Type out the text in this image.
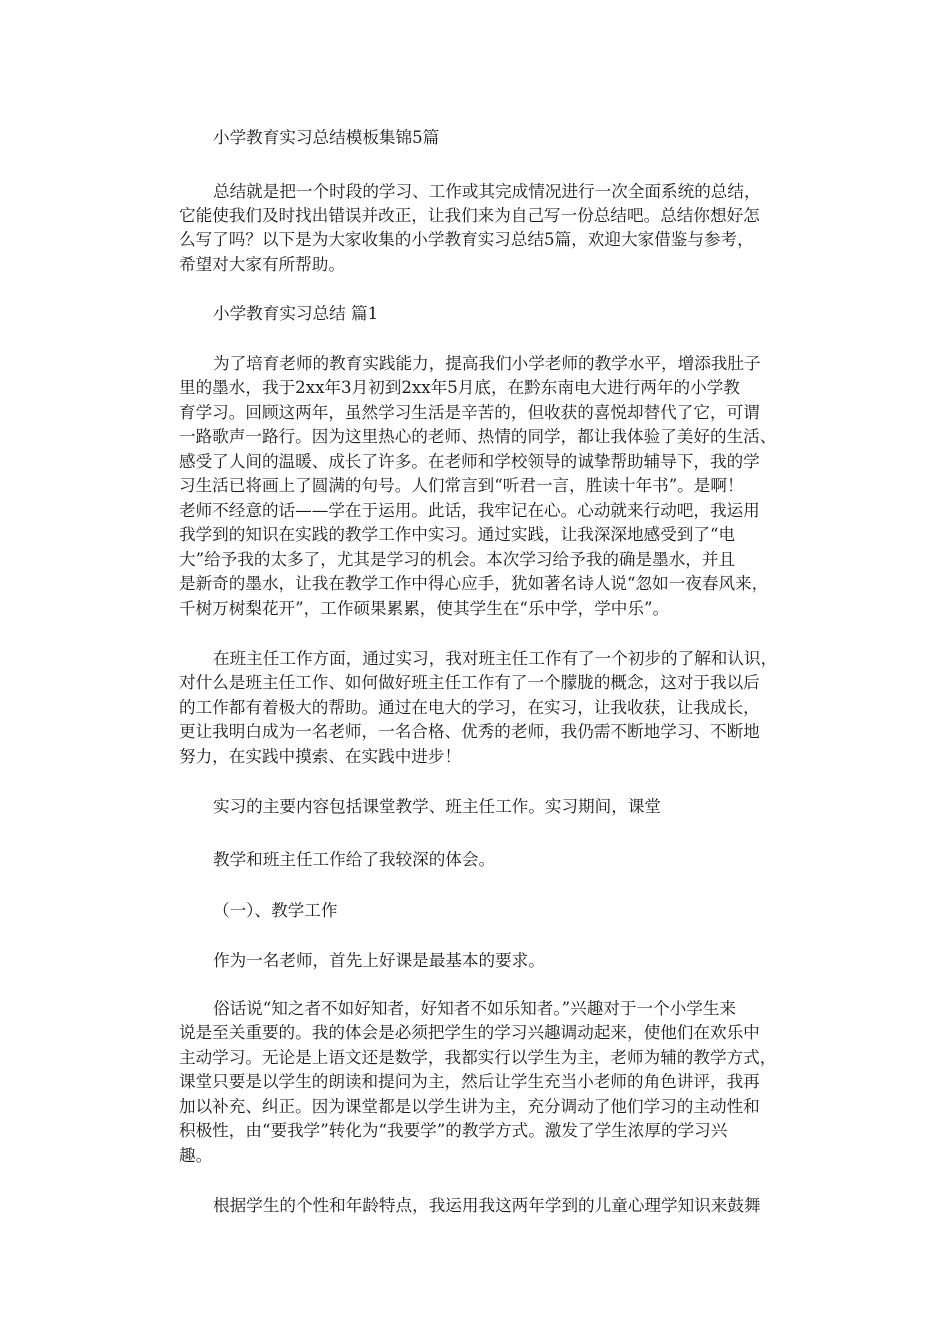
小学教育实习总结模板集锦5篇

总结就是把一个时段的学习、工作或其完成情况进行一次全面系统的总结，

它能使我们及时找出错误并改正，让我们来为自己写一份总结吧。总结你想好怎

么写了吗？以下是为大家收集的小学教育实习总结5篇，欢迎大家借鉴与参考，

希望对大家有所帮助。

小学教育实习总结 篇1

为了培育老师的教育实践能力，提高我们小学老师的教学水平，增添我肚子

里的墨水，我于2xx年3月初到2xx年5月底，在黔东南电大进行两年的小学教

育学习。回顾这两年，虽然学习生活是辛苦的，但收获的喜悦却替代了它，可谓

一路歌声一路行。因为这里热心的老师、热情的同学，都让我体验了美好的生活、

感受了人间的温暖、成长了许多。在老师和学校领导的诚挚帮助辅导下，我的学

习生活已将画上了圆满的句号。人们常言到“听君一言，胜读十年书”。是啊！

老师不经意的话——学在于运用。此话，我牢记在心。心动就来行动吧，我运用

我学到的知识在实践的教学工作中实习。通过实践，让我深深地感受到了“电

大”给予我的太多了，尤其是学习的机会。本次学习给予我的确是墨水，并且

是新奇的墨水，让我在教学工作中得心应手，犹如著名诗人说“忽如一夜春风来，

千树万树梨花开”，工作硕果累累，使其学生在“乐中学，学中乐”。

在班主任工作方面，通过实习，我对班主任工作有了一个初步的了解和认识，

对什么是班主任工作、如何做好班主任工作有了一个朦胧的概念，这对于我以后

的工作都有着极大的帮助。通过在电大的学习，在实习，让我收获，让我成长，

更让我明白成为一名老师，一名合格、优秀的老师，我仍需不断地学习、不断地

努力，在实践中摸索、在实践中进步！

实习的主要内容包括课堂教学、班主任工作。实习期间，课堂

教学和班主任工作给了我较深的体会。

（一）、教学工作

作为一名老师，首先上好课是最基本的要求。

俗话说“知之者不如好知者，好知者不如乐知者。”兴趣对于一个小学生来

说是至关重要的。我的体会是必须把学生的学习兴趣调动起来，使他们在欢乐中

主动学习。无论是上语文还是数学，我都实行以学生为主，老师为辅的教学方式，

课堂只要是以学生的朗读和提问为主，然后让学生充当小老师的角色讲评，我再

加以补充、纠正。因为课堂都是以学生讲为主，充分调动了他们学习的主动性和

积极性，由“要我学”转化为“我要学”的教学方式。激发了学生浓厚的学习兴

趣。

根据学生的个性和年龄特点，我运用我这两年学到的儿童心理学知识来鼓舞
